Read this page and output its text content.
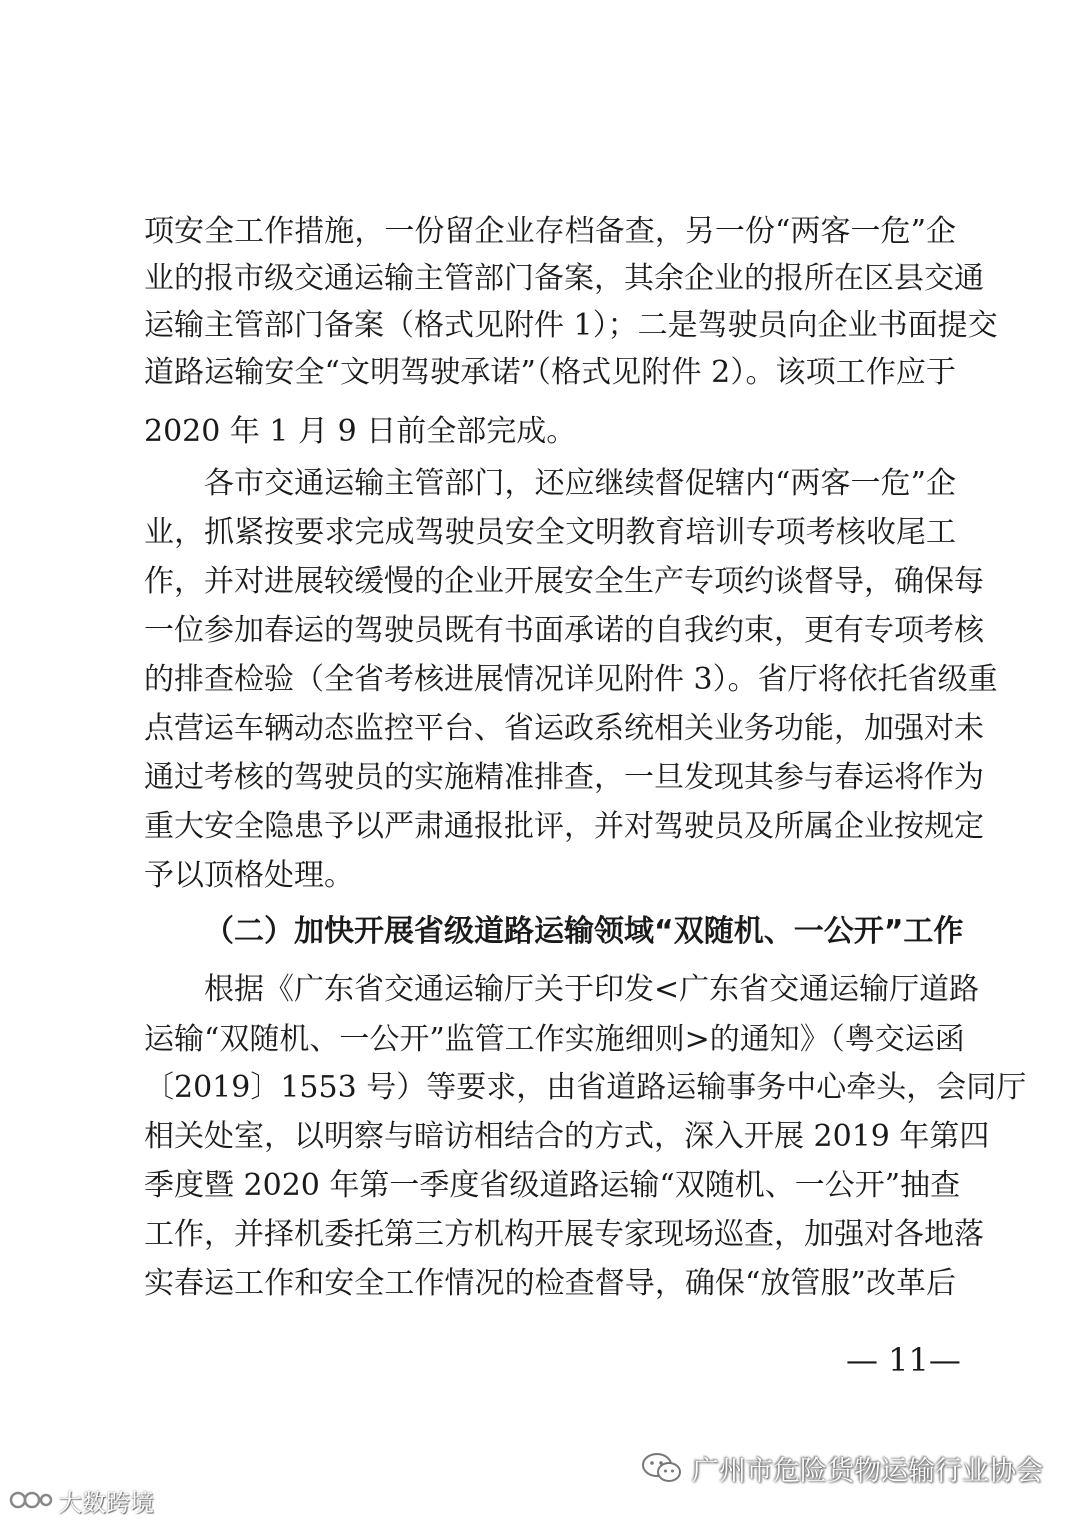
项安全工作措施，一份留企业存档备查，另一份“两客一危”企
业的报市级交通运输主管部门备案，其余企业的报所在区县交通
运输主管部门备案（格式见附件 1）；二是驾驶员向企业书面提交
道路运输安全“文明驾驶承诺”（格式见附件 2）。该项工作应于
2020 年 1 月 9 日前全部完成。
各市交通运输主管部门，还应继续督促辖内“两客一危”企
业，抓紧按要求完成驾驶员安全文明教育培训专项考核收尾工
作，并对进展较缓慢的企业开展安全生产专项约谈督导，确保每
一位参加春运的驾驶员既有书面承诺的自我约束，更有专项考核
的排查检验（全省考核进展情况详见附件 3）。省厅将依托省级重
点营运车辆动态监控平台、省运政系统相关业务功能，加强对未
通过考核的驾驶员的实施精准排查，一旦发现其参与春运将作为
重大安全隐患予以严肃通报批评，并对驾驶员及所属企业按规定
予以顶格处理。
（二）加快开展省级道路运输领域“双随机、一公开”工作
根据《广东省交通运输厅关于印发<广东省交通运输厅道路
运输“双随机、一公开”监管工作实施细则>的通知》（粤交运函
〔2019〕1553 号）等要求，由省道路运输事务中心牵头，会同厅
相关处室，以明察与暗访相结合的方式，深入开展 2019 年第四
季度暨 2020 年第一季度省级道路运输“双随机、一公开”抽查
工作，并择机委托第三方机构开展专家现场巡查，加强对各地落
实春运工作和安全工作情况的检查督导，确保“放管服”改革后
— 11—
广州市危险货物运输行业协会
大数跨境
